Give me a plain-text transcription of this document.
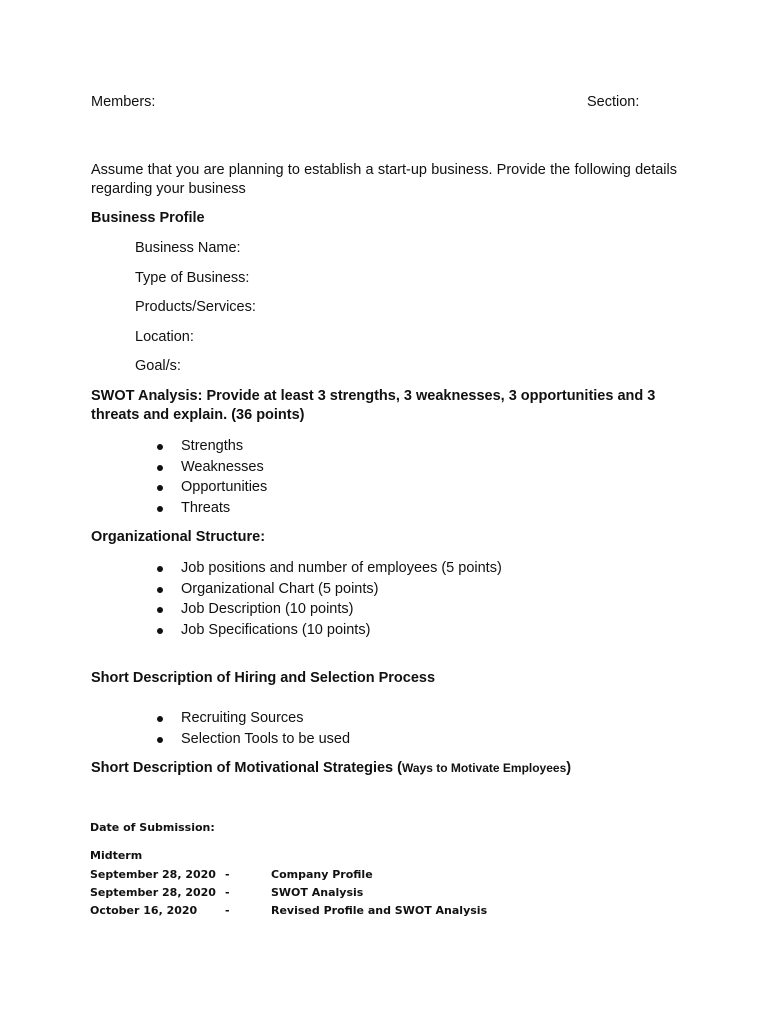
Members:	Section:
Assume that you are planning to establish a start-up business. Provide the following details regarding your business
Business Profile
Business Name:
Type of Business:
Products/Services:
Location:
Goal/s:
SWOT Analysis: Provide at least 3 strengths, 3 weaknesses, 3 opportunities and 3 threats and explain. (36 points)
Strengths
Weaknesses
Opportunities
Threats
Organizational Structure:
Job positions and number of employees (5 points)
Organizational Chart (5 points)
Job Description (10 points)
Job Specifications (10 points)
Short Description of Hiring and Selection Process
Recruiting Sources
Selection Tools to be used
Short Description of Motivational Strategies (Ways to Motivate Employees)
Date of Submission:
Midterm
September 28, 2020 -	Company Profile
September 28, 2020 -	SWOT Analysis
October 16, 2020	-	Revised Profile and SWOT Analysis
